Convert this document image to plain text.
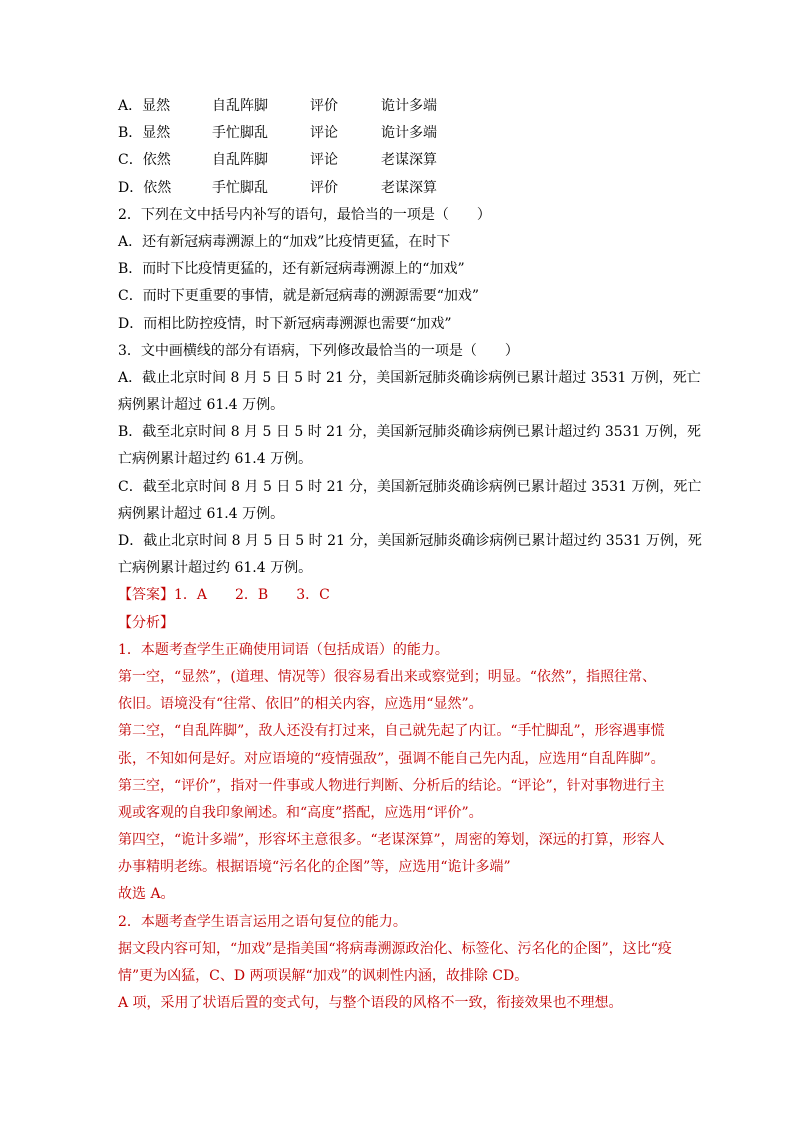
A．显然	自乱阵脚	评价	诡计多端
B．显然	手忙脚乱	评论	诡计多端
C．依然	自乱阵脚	评论	老谋深算
D．依然	手忙脚乱	评价	老谋深算
2．下列在文中括号内补写的语句，最恰当的一项是（　　）
A．还有新冠病毒溯源上的“加戏”比疫情更猛，在时下
B．而时下比疫情更猛的，还有新冠病毒溯源上的“加戏”
C．而时下更重要的事情，就是新冠病毒的溯源需要“加戏”
D．而相比防控疫情，时下新冠病毒溯源也需要“加戏”
3．文中画横线的部分有语病，下列修改最恰当的一项是（　　）
A．截止北京时间 8 月 5 日 5 时 21 分，美国新冠肺炎确诊病例已累计超过 3531 万例，死亡
病例累计超过 61.4 万例。
B．截至北京时间 8 月 5 日 5 时 21 分，美国新冠肺炎确诊病例已累计超过约 3531 万例，死
亡病例累计超过约 61.4 万例。
C．截至北京时间 8 月 5 日 5 时 21 分，美国新冠肺炎确诊病例已累计超过 3531 万例，死亡
病例累计超过 61.4 万例。
D．截止北京时间 8 月 5 日 5 时 21 分，美国新冠肺炎确诊病例已累计超过约 3531 万例，死
亡病例累计超过约 61.4 万例。
【答案】1．A　　2．B　　3．C
【分析】
1．本题考查学生正确使用词语（包括成语）的能力。
第一空，“显然”，(道理、情况等）很容易看出来或察觉到；明显。“依然”，指照往常、
依旧。语境没有“往常、依旧”的相关内容，应选用“显然”。
第二空，“自乱阵脚”，敌人还没有打过来，自己就先起了内讧。“手忙脚乱”，形容遇事慌
张，不知如何是好。对应语境的“疫情强敌”，强调不能自己先内乱，应选用“自乱阵脚”。
第三空，“评价”，指对一件事或人物进行判断、分析后的结论。“评论”，针对事物进行主
观或客观的自我印象阐述。和“高度”搭配，应选用“评价”。
第四空，“诡计多端”，形容坏主意很多。“老谋深算”，周密的筹划，深远的打算，形容人
办事精明老练。根据语境“污名化的企图”等，应选用“诡计多端”
故选 A。
2．本题考查学生语言运用之语句复位的能力。
据文段内容可知，“加戏”是指美国“将病毒溯源政治化、标签化、污名化的企图”，这比“疫
情”更为凶猛，C、D 两项误解“加戏”的讽刺性内涵，故排除 CD。
A 项，采用了状语后置的变式句，与整个语段的风格不一致，衔接效果也不理想。
